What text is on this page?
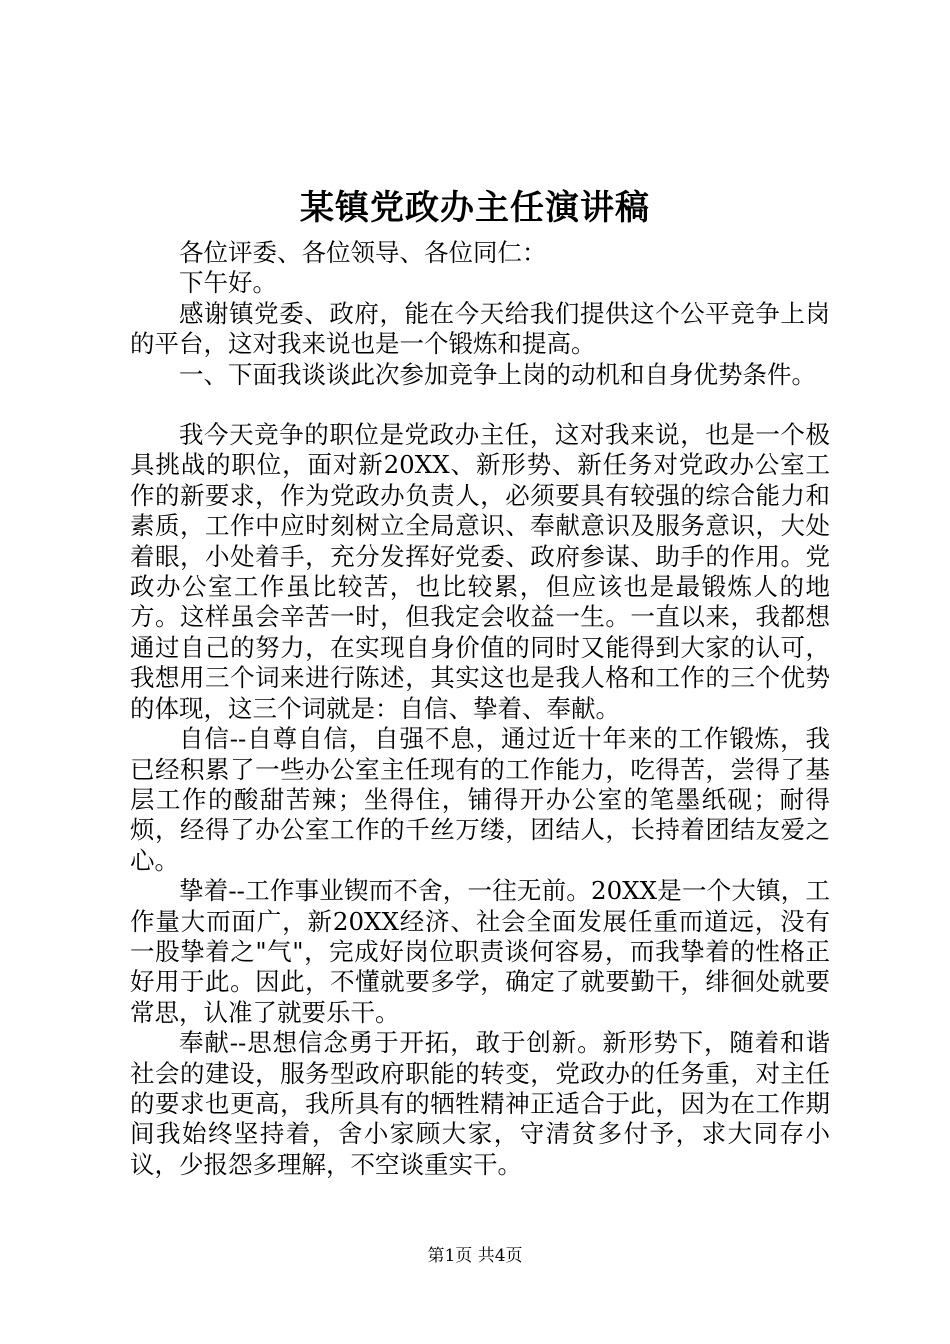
某镇党政办主任演讲稿

各位评委、各位领导、各位同仁：

下午好。

感谢镇党委、政府，能在今天给我们提供这个公平竞争上岗的平台，这对我来说也是一个锻炼和提高。

一、下面我谈谈此次参加竞争上岗的动机和自身优势条件。

我今天竞争的职位是党政办主任，这对我来说，也是一个极具挑战的职位，面对新20XX、新形势、新任务对党政办公室工作的新要求，作为党政办负责人，必须要具有较强的综合能力和素质，工作中应时刻树立全局意识、奉献意识及服务意识，大处着眼，小处着手，充分发挥好党委、政府参谋、助手的作用。党政办公室工作虽比较苦，也比较累，但应该也是最锻炼人的地方。这样虽会辛苦一时，但我定会收益一生。一直以来，我都想通过自己的努力，在实现自身价值的同时又能得到大家的认可，我想用三个词来进行陈述，其实这也是我人格和工作的三个优势的体现，这三个词就是：自信、挚着、奉献。

自信--自尊自信，自强不息，通过近十年来的工作锻炼，我已经积累了一些办公室主任现有的工作能力，吃得苦，尝得了基层工作的酸甜苦辣；坐得住，铺得开办公室的笔墨纸砚；耐得烦，经得了办公室工作的千丝万缕，团结人，长持着团结友爱之心。

挚着--工作事业锲而不舍，一往无前。20XX是一个大镇，工作量大而面广，新20XX经济、社会全面发展任重而道远，没有一股挚着之"气"，完成好岗位职责谈何容易，而我挚着的性格正好用于此。因此，不懂就要多学，确定了就要勤干，绯徊处就要常思，认准了就要乐干。

奉献--思想信念勇于开拓，敢于创新。新形势下，随着和谐社会的建设，服务型政府职能的转变，党政办的任务重，对主任的要求也更高，我所具有的牺牲精神正适合于此，因为在工作期间我始终坚持着，舍小家顾大家，守清贫多付予，求大同存小议，少报怨多理解，不空谈重实干。

第1页 共4页
